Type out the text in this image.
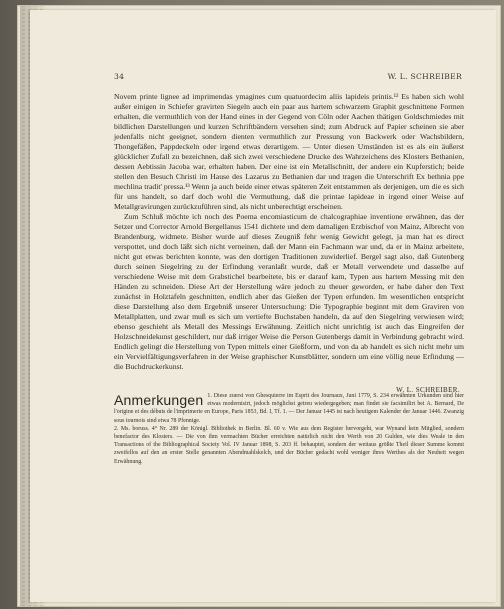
34	W. L. SCHREIBER

Novem printe lignee ad imprimendas ymagines cum quatuordecim aliis lapideis printis.¹² Es haben sich wohl außer einigen in Schiefer gravirten Siegeln auch ein paar aus hartem schwarzem Graphit geschnittene Formen erhalten, die vermuthlich von der Hand eines in der Gegend von Cöln oder Aachen thätigen Goldschmiedes mit bildlichen Darstellungen und kurzen Schriftbändern versehen sind; zum Abdruck auf Papier scheinen sie aber jedenfalls nicht geeignet, sondern dienten vermuthlich zur Pressung von Backwerk oder Wachsbildern, Thongefäßen, Pappdeckeln oder irgend etwas derartigem. — Unter diesen Umständen ist es als ein äußerst glücklicher Zufall zu bezeichnen, daß sich zwei verschiedene Drucke des Wahrzeichens des Klosters Bethanien, dessen Aebtissin Jacoba war, erhalten haben. Der eine ist ein Metallschnitt, der andere ein Kupferstich; beide stellen den Besuch Christi im Hause des Lazarus zu Bethanien dar und tragen die Unterschrift Ex bethnia ppe mechlina tradit' pressa.¹³ Wenn ja auch beide einer etwas späteren Zeit entstammen als derjenigen, um die es sich für uns handelt, so darf doch wohl die Vermuthung, daß die printae lapideae in irgend einer Weise auf Metallgravirungen zurückzuführen sind, als nicht unberechtigt erscheinen.

Zum Schluß möchte ich noch des Poema encomiasticum de chalcographiae inventione erwähnen, das der Setzer und Corrector Arnold Bergellanus 1541 dichtete und dem damaligen Erzbischof von Mainz, Albrecht von Brandenburg, widmete. Bisher wurde auf dieses Zeugniß fehr wenig Gewicht gelegt, ja man hat es direct verspottet, und doch läßt sich nicht verneinen, daß der Mann ein Fachmann war und, da er in Mainz arbeitete, nicht gut etwas berichten konnte, was den dortigen Traditionen zuwiderlief. Bergel sagt also, daß Gutenberg durch seinen Siegelring zu der Erfindung veranlaßt wurde, daß er Metall verwendete und dasselbe auf verschiedene Weise mit dem Grabstichel bearbeitete, bis er darauf kam, Typen aus hartem Messing mit den Händen zu schneiden. Diese Art der Herstellung wäre jedoch zu theuer geworden, er habe daher den Text zunächst in Holztafeln geschnitten, endlich aber das Gießen der Typen erfunden. Im wesentlichen entspricht diese Darstellung also dem Ergebniß unserer Untersuchung: Die Typographie beginnt mit dem Graviren von Metallplatten, und zwar muß es sich um vertiefte Buchstaben handeln, da auf den Siegelring verwiesen wird; ebenso geschieht als Metall des Messings Erwähnung. Zeitlich nicht unrichtig ist auch das Eingreifen der Holzschneidekunst geschildert, nur daß irriger Weise die Person Gutenbergs damit in Verbindung gebracht wird. Endlich gelingt die Herstellung von Typen mittels einer Gießform, und von da ab handelt es sich nicht mehr um ein Vervielfältigungsverfahren in der Weise graphischer Kunstblätter, sondern um eine völlig neue Erfindung — die Buchdruckerkunst.

W. L. SCHREIBER.
Anmerkungen 1. Diese zuerst von Ghesquierre im Esprit des Journaux, Juni 1779, S. 234 erwähnten Urkunden sind hier etwas modernisirt, jedoch möglichst getreu wiedergegeben; man findet sie facsimilirt bei A. Bernard, De l'origine et des débuts de l'imprimerie en Europe, Paris 1853, Bd. I, Tf. 1. — Der Januar 1445 ist nach heutigem Kalender der Januar 1446. Zwanzig sous tournois sind etwa 78 Pfennige.

2. Ms. boruss. 4° Nr. 289 der Königl. Bibliothek in Berlin. Bl. 60 v. Wie aus dem Register hervorgeht, war Wynand kein Mitglied, sondern benefactor des Klosters. — Die von ihm vermachten Bücher erreichten natürlich nicht den Werth von 20 Gulden, wie dies Weale in den Transactions of the Bibliographical Society Vol. IV Januar 1898, S. 203 ff. behauptet, sondern der weitaus größte Theil dieser Summe kommt zweifellos auf den an erster Stelle genannten Abendmahlskelch, und der Bücher gedacht wohl weniger ihres Werthes als der Neuheit wegen Erwähnung.
